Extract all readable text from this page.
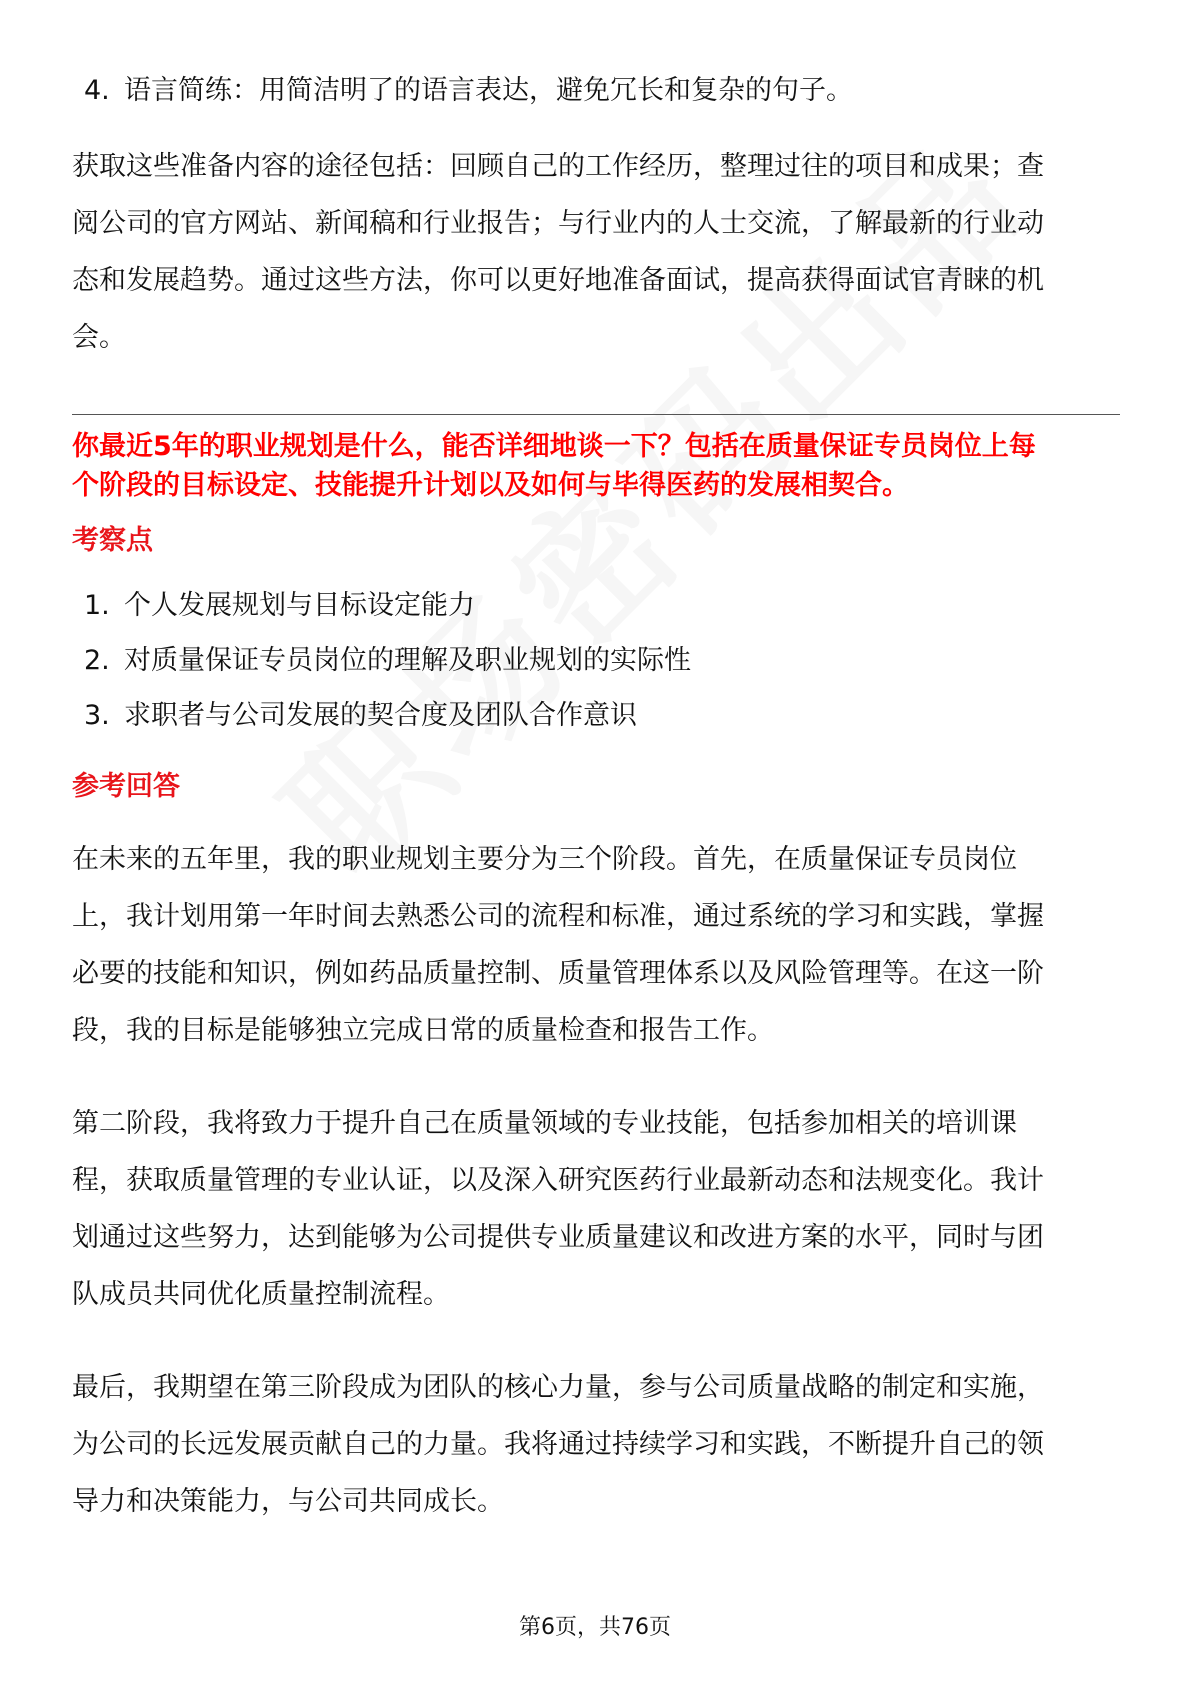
4. 语言简练：用简洁明了的语言表达，避免冗长和复杂的句子。

获取这些准备内容的途径包括：回顾自己的工作经历，整理过往的项目和成果；查

阅公司的官方网站、新闻稿和行业报告；与行业内的人士交流，了解最新的行业动

态和发展趋势。通过这些方法，你可以更好地准备面试，提高获得面试官青睐的机

会。

你最近5年的职业规划是什么，能否详细地谈一下？包括在质量保证专员岗位上每

个阶段的目标设定、技能提升计划以及如何与毕得医药的发展相契合。

考察点

1. 个人发展规划与目标设定能力
2. 对质量保证专员岗位的理解及职业规划的实际性
3. 求职者与公司发展的契合度及团队合作意识

参考回答

在未来的五年里，我的职业规划主要分为三个阶段。首先，在质量保证专员岗位

上，我计划用第一年时间去熟悉公司的流程和标准，通过系统的学习和实践，掌握

必要的技能和知识，例如药品质量控制、质量管理体系以及风险管理等。在这一阶

段，我的目标是能够独立完成日常的质量检查和报告工作。

第二阶段，我将致力于提升自己在质量领域的专业技能，包括参加相关的培训课

程，获取质量管理的专业认证，以及深入研究医药行业最新动态和法规变化。我计

划通过这些努力，达到能够为公司提供专业质量建议和改进方案的水平，同时与团

队成员共同优化质量控制流程。

最后，我期望在第三阶段成为团队的核心力量，参与公司质量战略的制定和实施，

为公司的长远发展贡献自己的力量。我将通过持续学习和实践，不断提升自己的领

导力和决策能力，与公司共同成长。

第6页，共76页
